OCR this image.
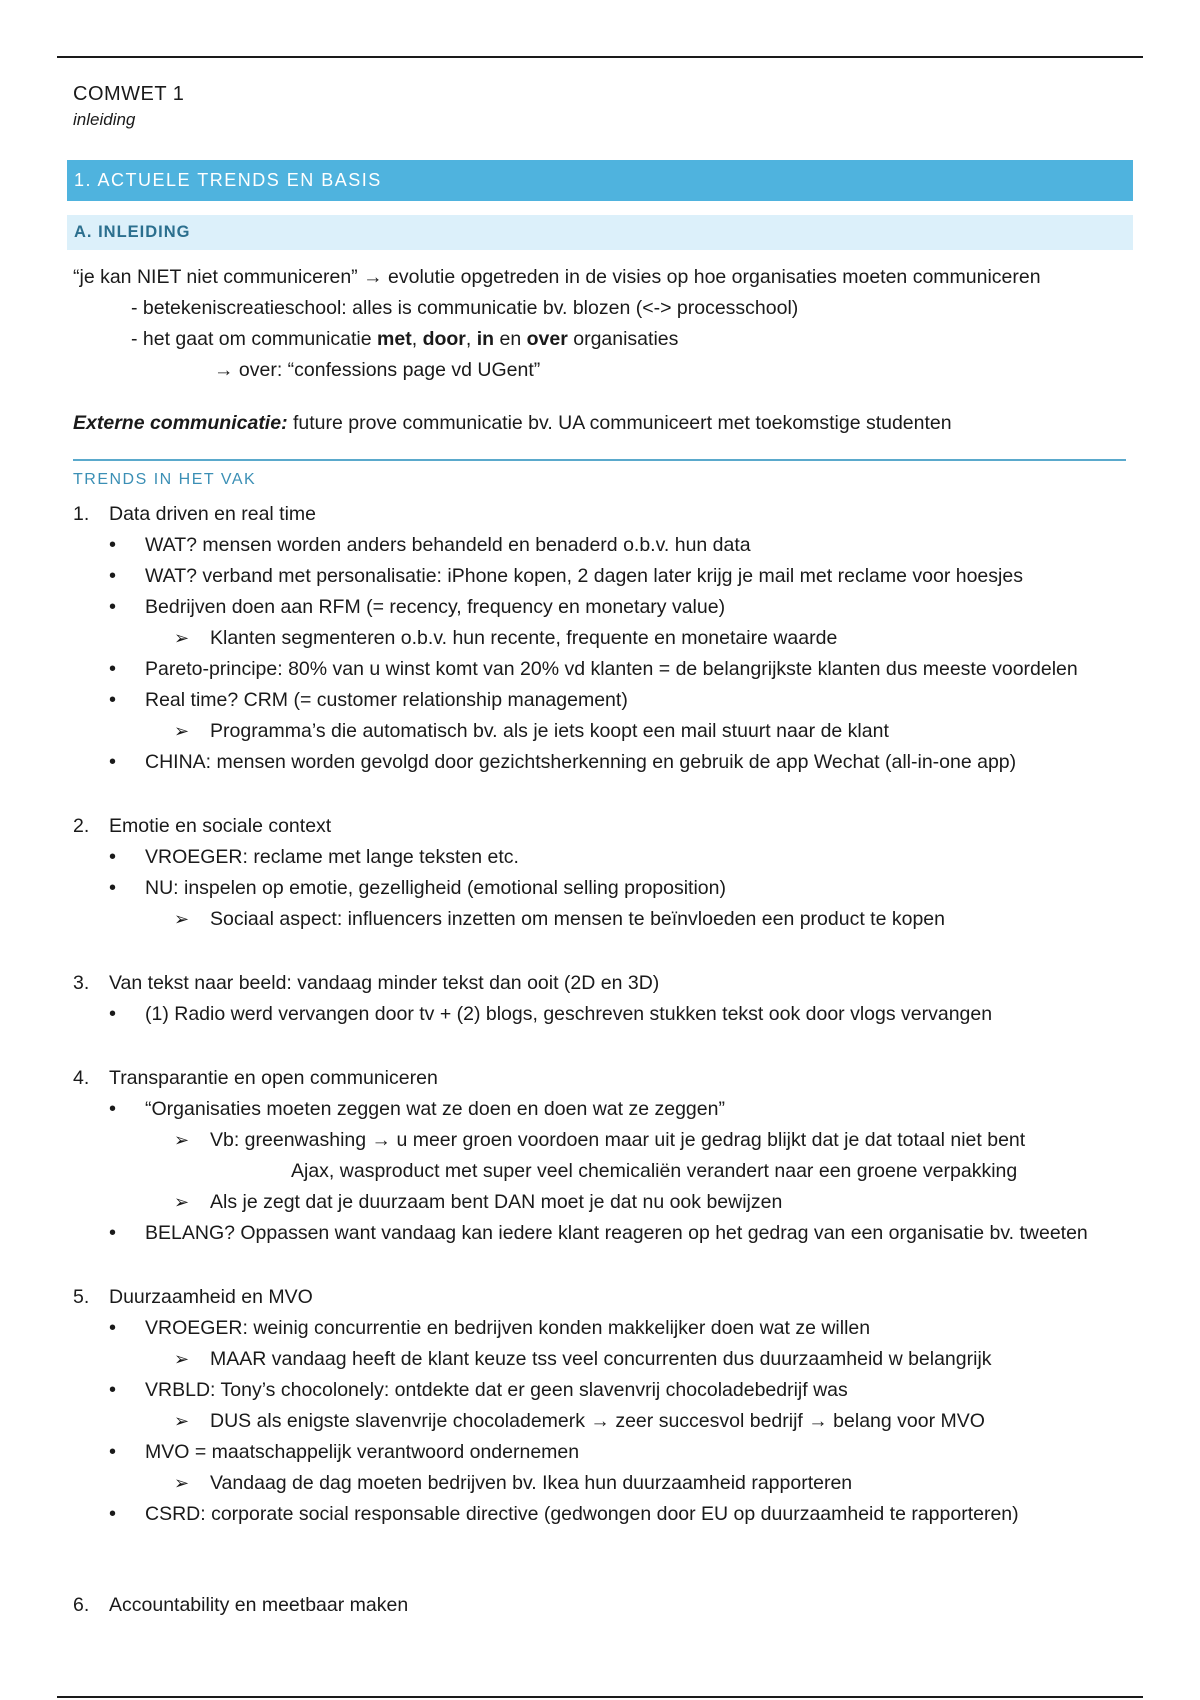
COMWET 1

inleiding

1. ACTUELE TRENDS EN BASIS
A. INLEIDING
“je kan NIET niet communiceren” → evolutie opgetreden in de visies op hoe organisaties moeten communiceren
- betekeniscreatieschool: alles is communicatie bv. blozen (<-> processchool)
- het gaat om communicatie met, door, in en over organisaties
→ over: “confessions page vd UGent”
Externe communicatie: future prove communicatie bv. UA communiceert met toekomstige studenten
TRENDS IN HET VAK
1.	Data driven en real time
•	WAT? mensen worden anders behandeld en benaderd o.b.v. hun data
•	WAT? verband met personalisatie: iPhone kopen, 2 dagen later krijg je mail met reclame voor hoesjes
•	Bedrijven doen aan RFM (= recency, frequency en monetary value)
➢	Klanten segmenteren o.b.v. hun recente, frequente en monetaire waarde
•	Pareto-principe: 80% van u winst komt van 20% vd klanten = de belangrijkste klanten dus meeste voordelen
•	Real time? CRM (= customer relationship management)
➢	Programma’s die automatisch bv. als je iets koopt een mail stuurt naar de klant
•	CHINA: mensen worden gevolgd door gezichtsherkenning en gebruik de app Wechat (all-in-one app)
2.	Emotie en sociale context
•	VROEGER: reclame met lange teksten etc.
•	NU: inspelen op emotie, gezelligheid (emotional selling proposition)
➢	Sociaal aspect: influencers inzetten om mensen te beïnvloeden een product te kopen
3.	Van tekst naar beeld: vandaag minder tekst dan ooit (2D en 3D)
•	(1) Radio werd vervangen door tv + (2) blogs, geschreven stukken tekst ook door vlogs vervangen
4.	Transparantie en open communiceren
•	“Organisaties moeten zeggen wat ze doen en doen wat ze zeggen”
➢	Vb: greenwashing → u meer groen voordoen maar uit je gedrag blijkt dat je dat totaal niet bent
Ajax, wasproduct met super veel chemicaliën verandert naar een groene verpakking
➢	Als je zegt dat je duurzaam bent DAN moet je dat nu ook bewijzen
•	BELANG? Oppassen want vandaag kan iedere klant reageren op het gedrag van een organisatie bv. tweeten
5.	Duurzaamheid en MVO
•	VROEGER: weinig concurrentie en bedrijven konden makkelijker doen wat ze willen
➢	MAAR vandaag heeft de klant keuze tss veel concurrenten dus duurzaamheid w belangrijk
•	VRBLD: Tony’s chocolonely: ontdekte dat er geen slavenvrij chocoladebedrijf was
➢	DUS als enigste slavenvrije chocolademerk → zeer succesvol bedrijf → belang voor MVO
•	MVO = maatschappelijk verantwoord ondernemen
➢	Vandaag de dag moeten bedrijven bv. Ikea hun duurzaamheid rapporteren
•	CSRD: corporate social responsable directive (gedwongen door EU op duurzaamheid te rapporteren)
6.	Accountability en meetbaar maken
